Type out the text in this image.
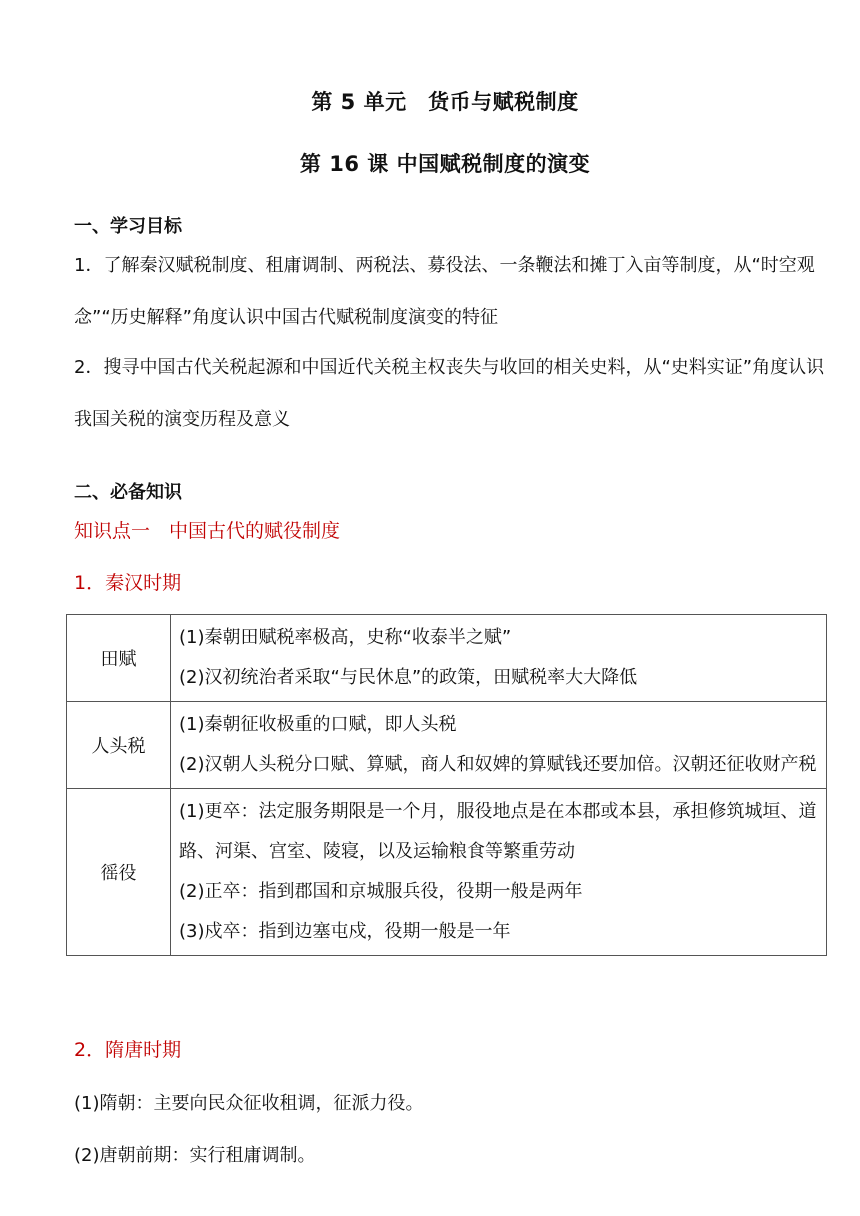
第 5 单元　货币与赋税制度
第 16 课 中国赋税制度的演变
一、学习目标

1．了解秦汉赋税制度、租庸调制、两税法、募役法、一条鞭法和摊丁入亩等制度，从“时空观念”“历史解释”角度认识中国古代赋税制度演变的特征

2．搜寻中国古代关税起源和中国近代关税主权丧失与收回的相关史料，从“史料实证”角度认识我国关税的演变历程及意义

二、必备知识
知识点一　中国古代的赋役制度
1．秦汉时期
田赋	(1)秦朝田赋税率极高，史称“收泰半之赋”
(2)汉初统治者采取“与民休息”的政策，田赋税率大大降低

人头税	(1)秦朝征收极重的口赋，即人头税
(2)汉朝人头税分口赋、算赋，商人和奴婢的算赋钱还要加倍。汉朝还征收财产税

徭役	(1)更卒：法定服务期限是一个月，服役地点是在本郡或本县，承担修筑城垣、道路、河渠、宫室、陵寝，以及运输粮食等繁重劳动
(2)正卒：指到郡国和京城服兵役，役期一般是两年
(3)戍卒：指到边塞屯戍，役期一般是一年
2．隋唐时期
(1)隋朝：主要向民众征收租调，征派力役。
(2)唐朝前期：实行租庸调制。
